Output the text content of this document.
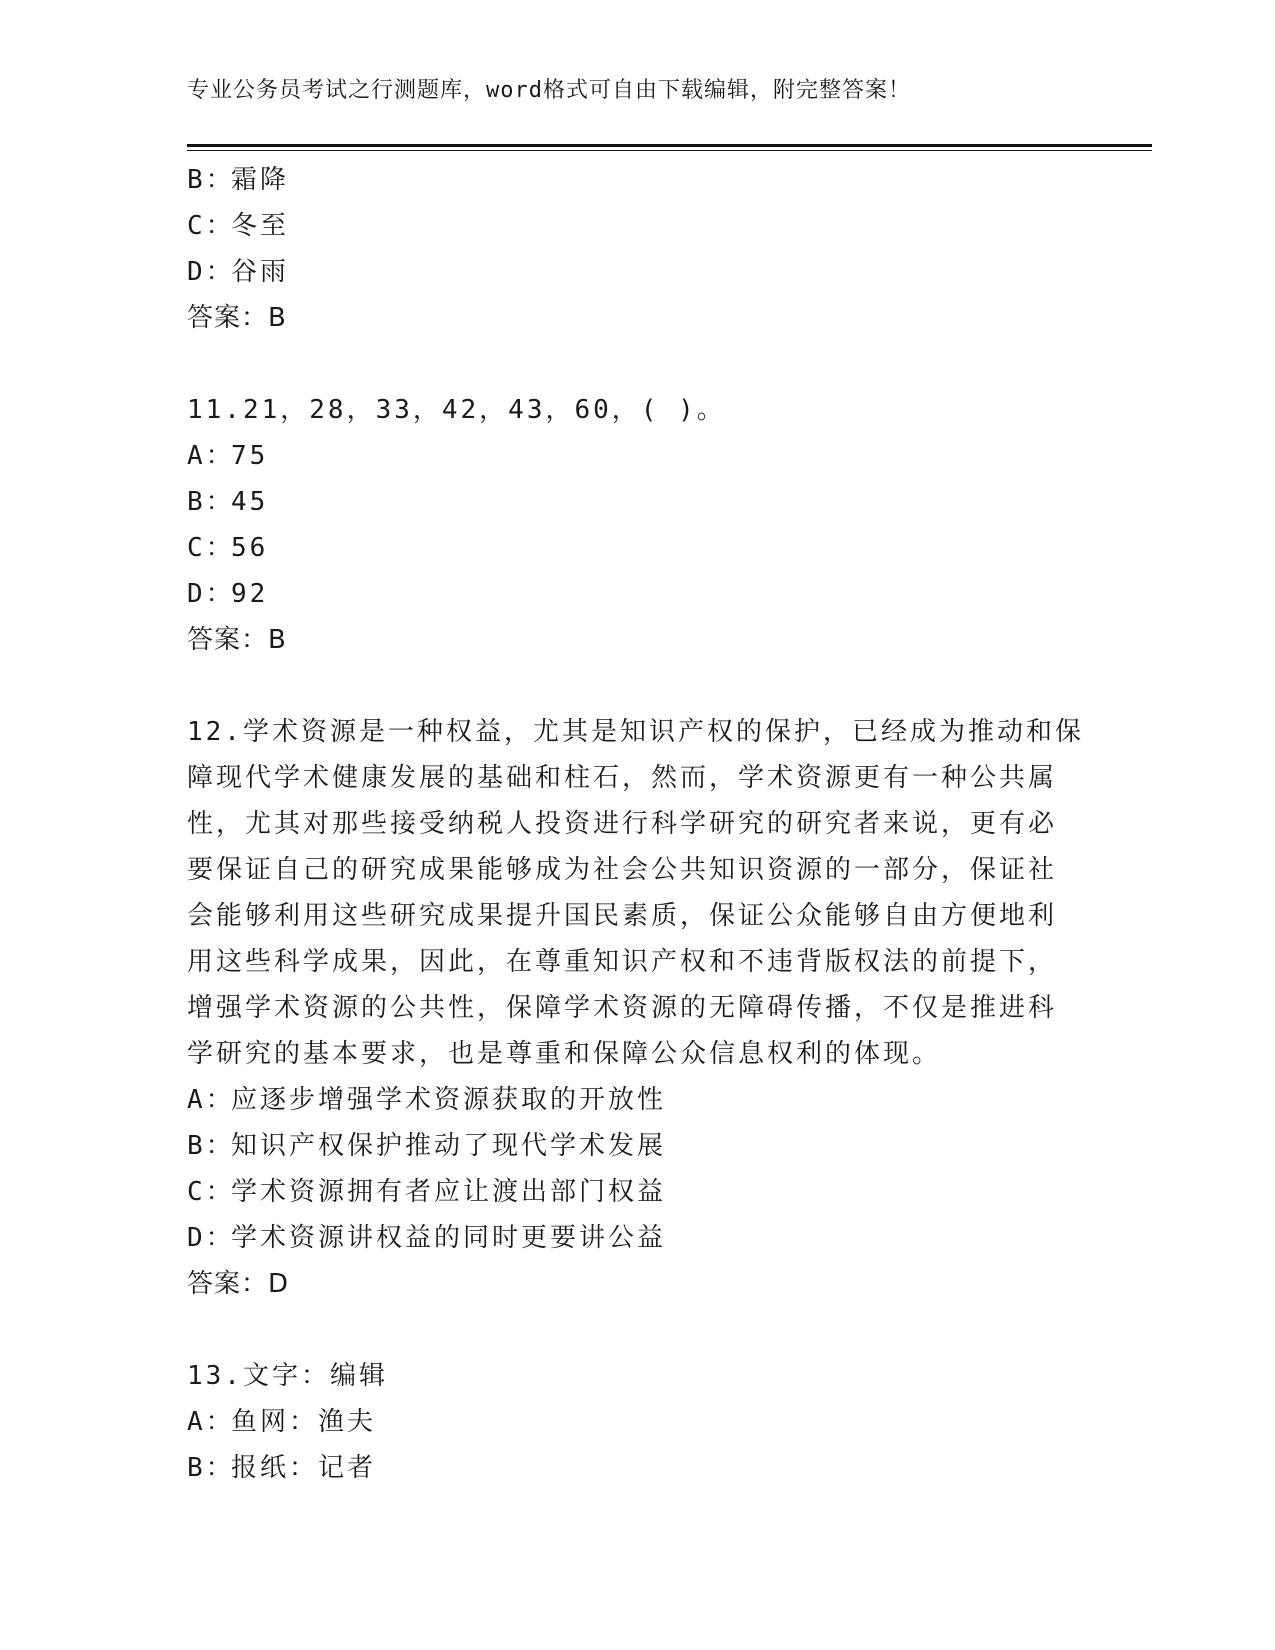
专业公务员考试之行测题库，word格式可自由下载编辑，附完整答案！
B：霜降
C：冬至
D：谷雨
答案：B
11.21，28，33，42，43，60，( )。
A：75
B：45
C：56
D：92
答案：B
12.学术资源是一种权益，尤其是知识产权的保护，已经成为推动和保
障现代学术健康发展的基础和柱石，然而，学术资源更有一种公共属
性，尤其对那些接受纳税人投资进行科学研究的研究者来说，更有必
要保证自己的研究成果能够成为社会公共知识资源的一部分，保证社
会能够利用这些研究成果提升国民素质，保证公众能够自由方便地利
用这些科学成果，因此，在尊重知识产权和不违背版权法的前提下，
增强学术资源的公共性，保障学术资源的无障碍传播，不仅是推进科
学研究的基本要求，也是尊重和保障公众信息权利的体现。
A：应逐步增强学术资源获取的开放性
B：知识产权保护推动了现代学术发展
C：学术资源拥有者应让渡出部门权益
D：学术资源讲权益的同时更要讲公益
答案：D
13.文字：编辑
A：鱼网：渔夫
B：报纸：记者
